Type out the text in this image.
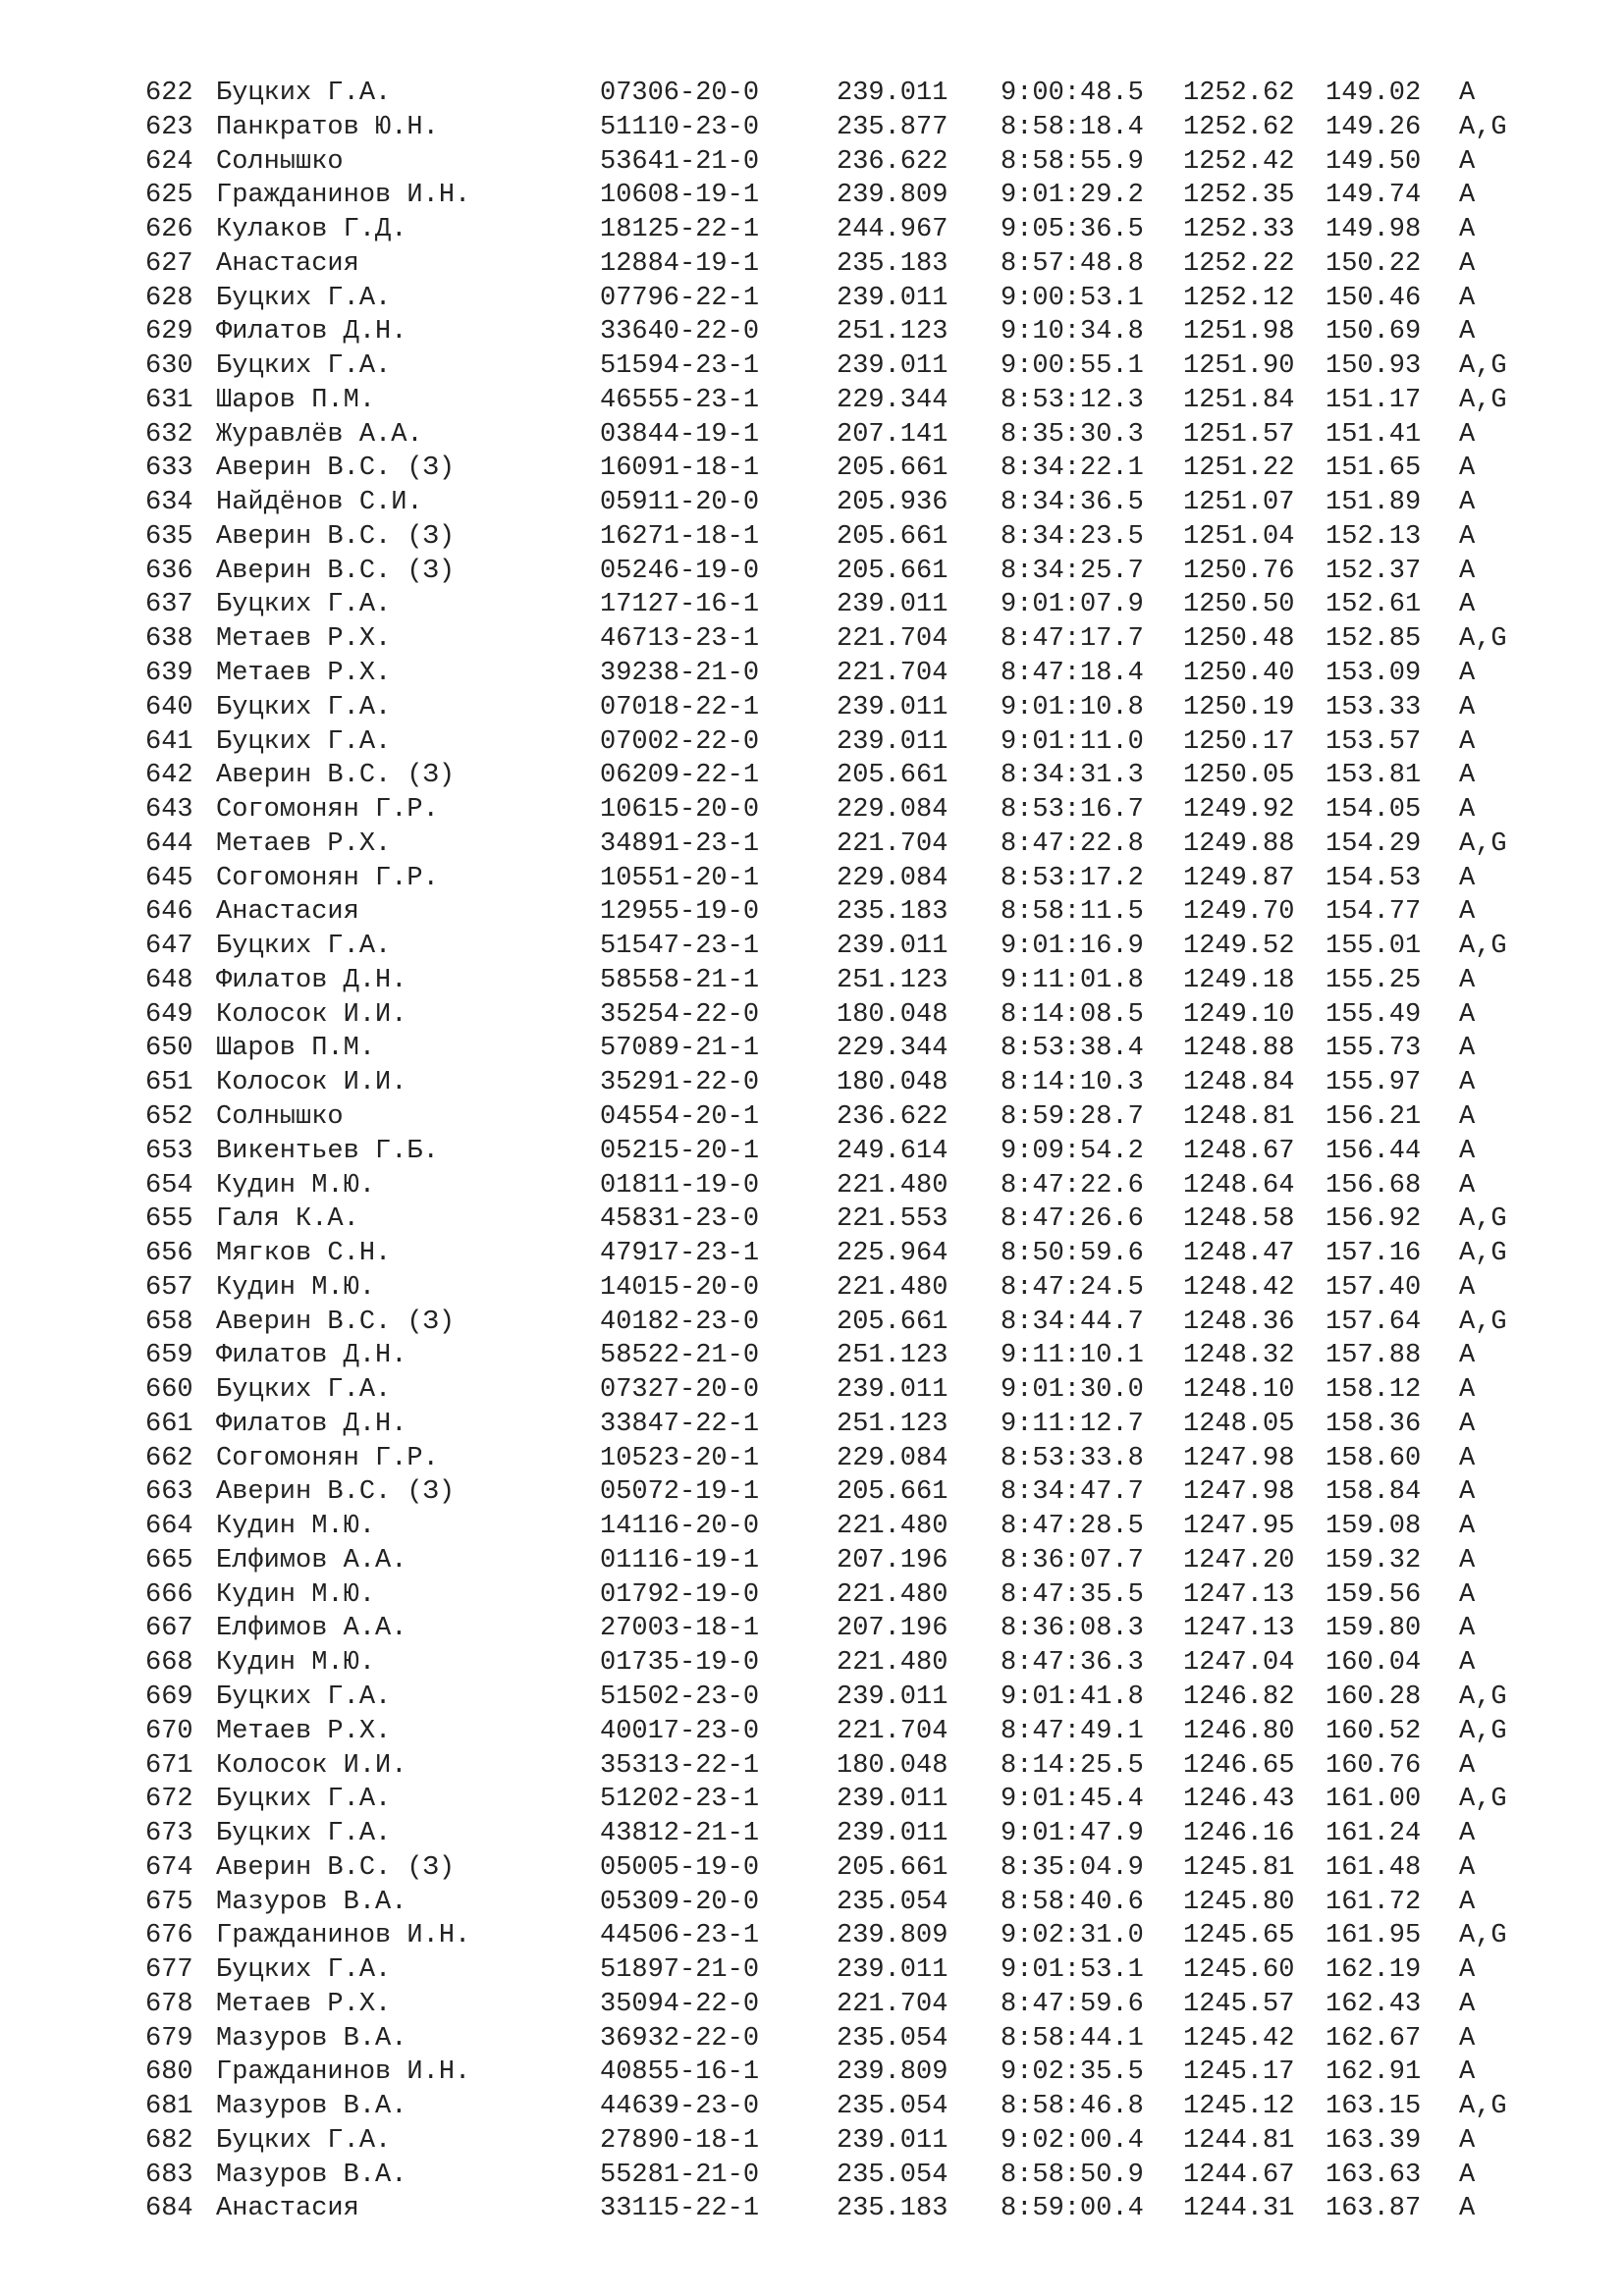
622 Буцких Г.А.	07306-20-0	239.011 9:00:48.5 1252.62 149.02 A
623 Панкратов Ю.Н.	51110-23-0	235.877 8:58:18.4 1252.62 149.26 A,G
624 Солнышко	53641-21-0	236.622 8:58:55.9 1252.42 149.50 A
625 Гражданинов И.Н.	10608-19-1	239.809 9:01:29.2 1252.35 149.74 A
626 Кулаков Г.Д.	18125-22-1	244.967 9:05:36.5 1252.33 149.98 A
627 Анастасия	12884-19-1	235.183 8:57:48.8 1252.22 150.22 A
628 Буцких Г.А.	07796-22-1	239.011 9:00:53.1 1252.12 150.46 A
629 Филатов Д.Н.	33640-22-0	251.123 9:10:34.8 1251.98 150.69 A
630 Буцких Г.А.	51594-23-1	239.011 9:00:55.1 1251.90 150.93 A,G
631 Шаров П.М.	46555-23-1	229.344 8:53:12.3 1251.84 151.17 A,G
632 Журавлёв А.А.	03844-19-1	207.141 8:35:30.3 1251.57 151.41 A
633 Аверин В.С. (З)	16091-18-1	205.661 8:34:22.1 1251.22 151.65 A
634 Найдёнов С.И.	05911-20-0	205.936 8:34:36.5 1251.07 151.89 A
635 Аверин В.С. (З)	16271-18-1	205.661 8:34:23.5 1251.04 152.13 A
636 Аверин В.С. (З)	05246-19-0	205.661 8:34:25.7 1250.76 152.37 A
637 Буцких Г.А.	17127-16-1	239.011 9:01:07.9 1250.50 152.61 A
638 Метаев Р.Х.	46713-23-1	221.704 8:47:17.7 1250.48 152.85 A,G
639 Метаев Р.Х.	39238-21-0	221.704 8:47:18.4 1250.40 153.09 A
640 Буцких Г.А.	07018-22-1	239.011 9:01:10.8 1250.19 153.33 A
641 Буцких Г.А.	07002-22-0	239.011 9:01:11.0 1250.17 153.57 A
642 Аверин В.С. (З)	06209-22-1	205.661 8:34:31.3 1250.05 153.81 A
643 Согомонян Г.Р.	10615-20-0	229.084 8:53:16.7 1249.92 154.05 A
644 Метаев Р.Х.	34891-23-1	221.704 8:47:22.8 1249.88 154.29 A,G
645 Согомонян Г.Р.	10551-20-1	229.084 8:53:17.2 1249.87 154.53 A
646 Анастасия	12955-19-0	235.183 8:58:11.5 1249.70 154.77 A
647 Буцких Г.А.	51547-23-1	239.011 9:01:16.9 1249.52 155.01 A,G
648 Филатов Д.Н.	58558-21-1	251.123 9:11:01.8 1249.18 155.25 A
649 Колосок И.И.	35254-22-0	180.048 8:14:08.5 1249.10 155.49 A
650 Шаров П.М.	57089-21-1	229.344 8:53:38.4 1248.88 155.73 A
651 Колосок И.И.	35291-22-0	180.048 8:14:10.3 1248.84 155.97 A
652 Солнышко	04554-20-1	236.622 8:59:28.7 1248.81 156.21 A
653 Викентьев Г.Б.	05215-20-1	249.614 9:09:54.2 1248.67 156.44 A
654 Кудин М.Ю.	01811-19-0	221.480 8:47:22.6 1248.64 156.68 A
655 Галя К.А.	45831-23-0	221.553 8:47:26.6 1248.58 156.92 A,G
656 Мягков С.Н.	47917-23-1	225.964 8:50:59.6 1248.47 157.16 A,G
657 Кудин М.Ю.	14015-20-0	221.480 8:47:24.5 1248.42 157.40 A
658 Аверин В.С. (З)	40182-23-0	205.661 8:34:44.7 1248.36 157.64 A,G
659 Филатов Д.Н.	58522-21-0	251.123 9:11:10.1 1248.32 157.88 A
660 Буцких Г.А.	07327-20-0	239.011 9:01:30.0 1248.10 158.12 A
661 Филатов Д.Н.	33847-22-1	251.123 9:11:12.7 1248.05 158.36 A
662 Согомонян Г.Р.	10523-20-1	229.084 8:53:33.8 1247.98 158.60 A
663 Аверин В.С. (З)	05072-19-1	205.661 8:34:47.7 1247.98 158.84 A
664 Кудин М.Ю.	14116-20-0	221.480 8:47:28.5 1247.95 159.08 A
665 Елфимов А.А.	01116-19-1	207.196 8:36:07.7 1247.20 159.32 A
666 Кудин М.Ю.	01792-19-0	221.480 8:47:35.5 1247.13 159.56 A
667 Елфимов А.А.	27003-18-1	207.196 8:36:08.3 1247.13 159.80 A
668 Кудин М.Ю.	01735-19-0	221.480 8:47:36.3 1247.04 160.04 A
669 Буцких Г.А.	51502-23-0	239.011 9:01:41.8 1246.82 160.28 A,G
670 Метаев Р.Х.	40017-23-0	221.704 8:47:49.1 1246.80 160.52 A,G
671 Колосок И.И.	35313-22-1	180.048 8:14:25.5 1246.65 160.76 A
672 Буцких Г.А.	51202-23-1	239.011 9:01:45.4 1246.43 161.00 A,G
673 Буцких Г.А.	43812-21-1	239.011 9:01:47.9 1246.16 161.24 A
674 Аверин В.С. (З)	05005-19-0	205.661 8:35:04.9 1245.81 161.48 A
675 Мазуров В.А.	05309-20-0	235.054 8:58:40.6 1245.80 161.72 A
676 Гражданинов И.Н.	44506-23-1	239.809 9:02:31.0 1245.65 161.95 A,G
677 Буцких Г.А.	51897-21-0	239.011 9:01:53.1 1245.60 162.19 A
678 Метаев Р.Х.	35094-22-0	221.704 8:47:59.6 1245.57 162.43 A
679 Мазуров В.А.	36932-22-0	235.054 8:58:44.1 1245.42 162.67 A
680 Гражданинов И.Н.	40855-16-1	239.809 9:02:35.5 1245.17 162.91 A
681 Мазуров В.А.	44639-23-0	235.054 8:58:46.8 1245.12 163.15 A,G
682 Буцких Г.А.	27890-18-1	239.011 9:02:00.4 1244.81 163.39 A
683 Мазуров В.А.	55281-21-0	235.054 8:58:50.9 1244.67 163.63 A
684 Анастасия	33115-22-1	235.183 8:59:00.4 1244.31 163.87 A
